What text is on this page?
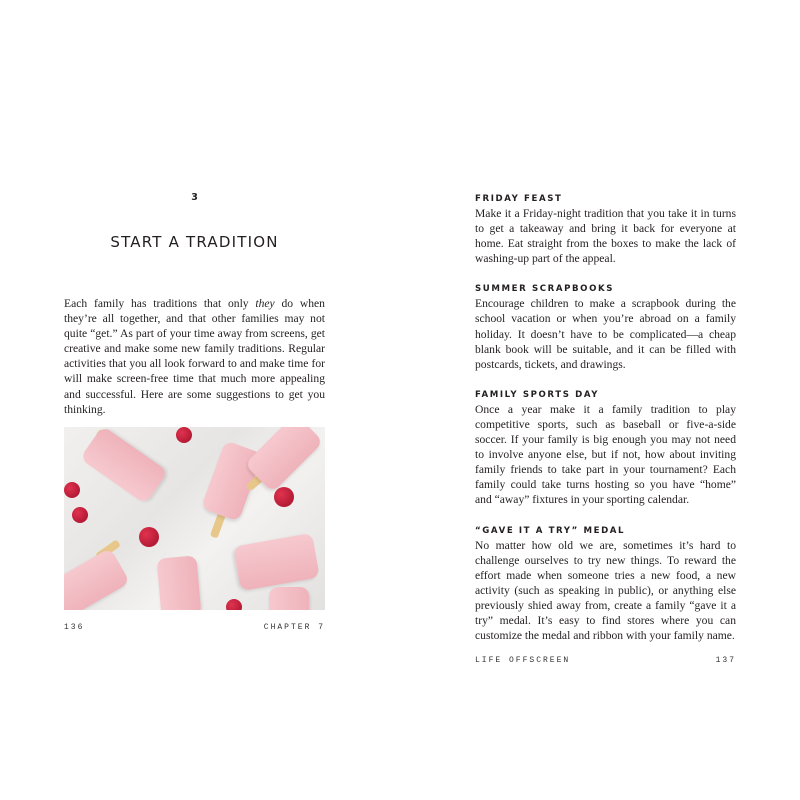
3
START A TRADITION
Each family has traditions that only they do when they’re all together, and that other families may not quite “get.” As part of your time away from screens, get creative and make some new family traditions. Regular activities that you all look forward to and make time for will make screen-free time that much more appealing and successful. Here are some suggestions to get you thinking.
136	CHAPTER 7

FRIDAY FEAST

Make it a Friday-night tradition that you take it in turns to get a takeaway and bring it back for everyone at home. Eat straight from the boxes to make the lack of washing-up part of the appeal.

SUMMER SCRAPBOOKS

Encourage children to make a scrapbook during the school vacation or when you’re abroad on a family holiday. It doesn’t have to be complicated—a cheap blank book will be suitable, and it can be filled with postcards, tickets, and drawings.

FAMILY SPORTS DAY

Once a year make it a family tradition to play competitive sports, such as baseball or five-a-side soccer. If your family is big enough you may not need to involve anyone else, but if not, how about inviting family friends to take part in your tournament? Each family could take turns hosting so you have “home” and “away” fixtures in your sporting calendar.

“GAVE IT A TRY” MEDAL

No matter how old we are, sometimes it’s hard to challenge ourselves to try new things. To reward the effort made when someone tries a new food, a new activity (such as speaking in public), or anything else previously shied away from, create a family “gave it a try” medal. It’s easy to find stores where you can customize the medal and ribbon with your family name.

LIFE OFFSCREEN	137
